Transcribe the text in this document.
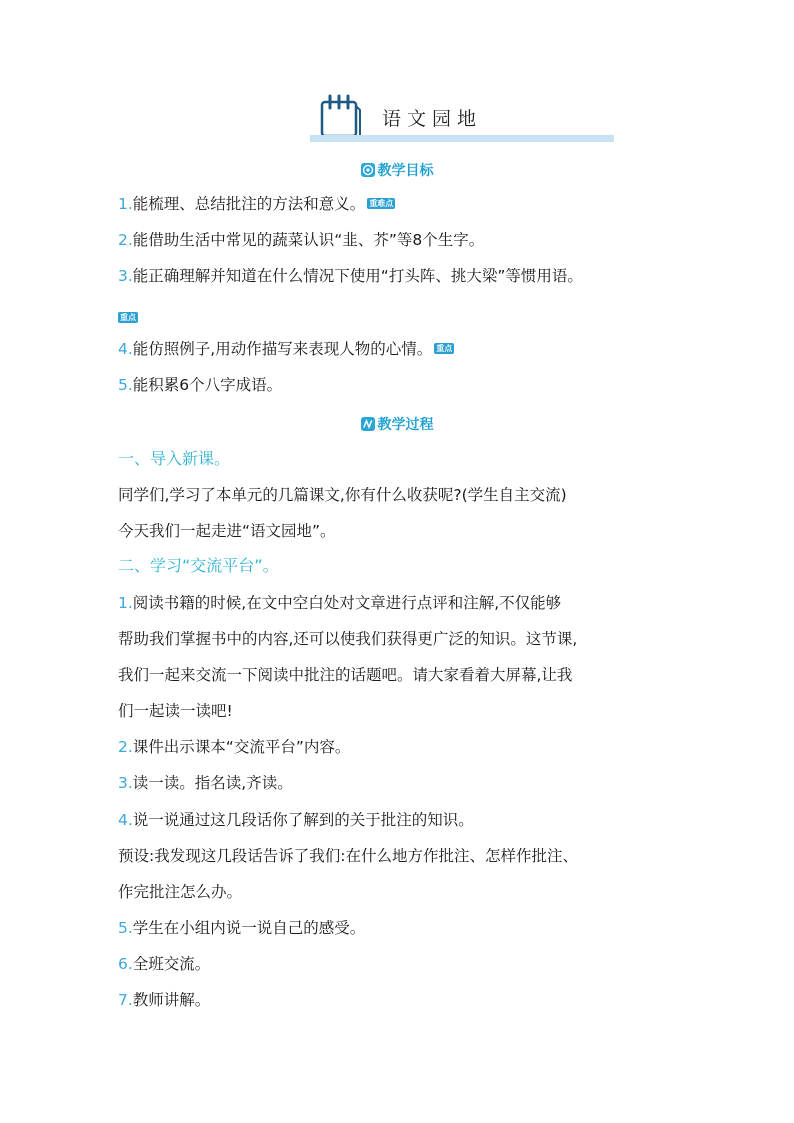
语文园地
教学目标
1.能梳理、总结批注的方法和意义。 重难点
2.能借助生活中常见的蔬菜认识“韭、芥”等8个生字。
3.能正确理解并知道在什么情况下使用“打头阵、挑大梁”等惯用语。
重点
4.能仿照例子,用动作描写来表现人物的心情。 重点
5.能积累6个八字成语。
教学过程
一、导入新课。
同学们,学习了本单元的几篇课文,你有什么收获呢?(学生自主交流)
今天我们一起走进“语文园地”。
二、学习“交流平台”。
1.阅读书籍的时候,在文中空白处对文章进行点评和注解,不仅能够
帮助我们掌握书中的内容,还可以使我们获得更广泛的知识。这节课,
我们一起来交流一下阅读中批注的话题吧。请大家看着大屏幕,让我
们一起读一读吧!
2.课件出示课本“交流平台”内容。
3.读一读。指名读,齐读。
4.说一说通过这几段话你了解到的关于批注的知识。
预设:我发现这几段话告诉了我们:在什么地方作批注、怎样作批注、
作完批注怎么办。
5.学生在小组内说一说自己的感受。
6.全班交流。
7.教师讲解。
